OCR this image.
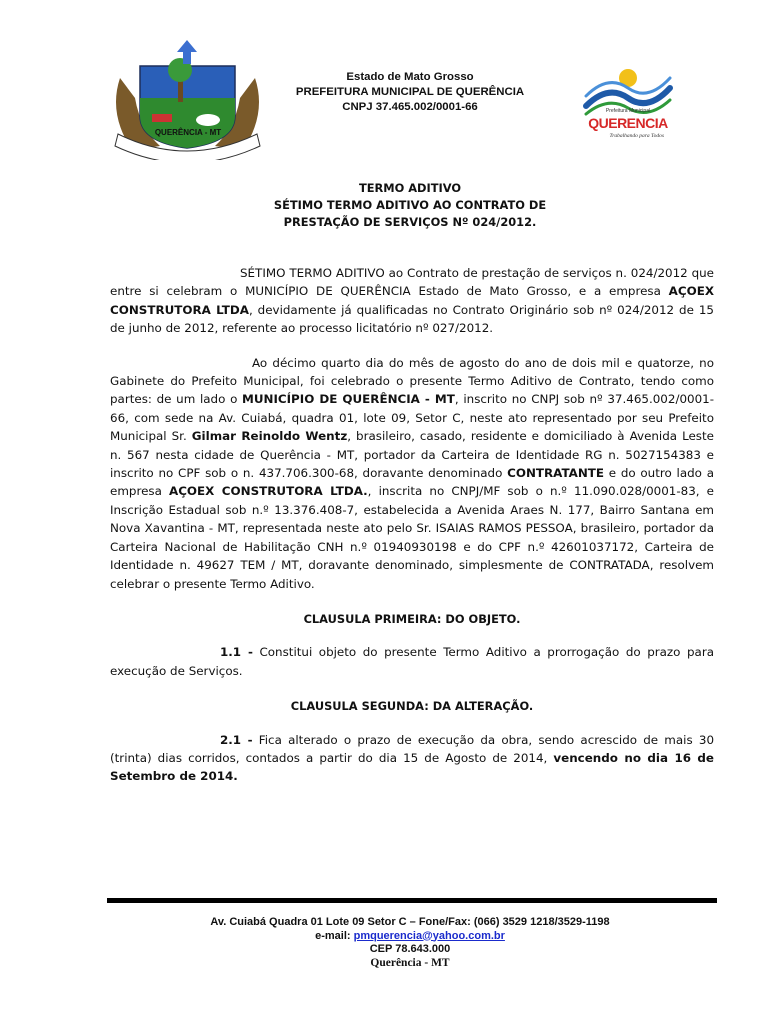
QUERÊNCIA - MT
Estado de Mato Grosso
PREFEITURA MUNICIPAL DE QUERÊNCIA
CNPJ 37.465.002/0001-66	Prefeitura Municipal
QUERENCIA
Trabalhando para Todos
TERMO ADITIVO
SÉTIMO TERMO ADITIVO AO CONTRATO DE
PRESTAÇÃO DE SERVIÇOS Nº 024/2012.

SÉTIMO TERMO ADITIVO ao Contrato de prestação de serviços n. 024/2012 que entre si celebram o MUNICÍPIO DE QUERÊNCIA Estado de Mato Grosso, e a empresa AÇOEX CONSTRUTORA LTDA, devidamente já qualificadas no Contrato Originário sob nº 024/2012 de 15 de junho de 2012, referente ao processo licitatório nº 027/2012.

Ao décimo quarto dia do mês de agosto do ano de dois mil e quatorze, no Gabinete do Prefeito Municipal, foi celebrado o presente Termo Aditivo de Contrato, tendo como partes: de um lado o MUNICÍPIO DE QUERÊNCIA - MT, inscrito no CNPJ sob nº 37.465.002/0001-66, com sede na Av. Cuiabá, quadra 01, lote 09, Setor C, neste ato representado por seu Prefeito Municipal Sr. Gilmar Reinoldo Wentz, brasileiro, casado, residente e domiciliado à Avenida Leste n. 567 nesta cidade de Querência - MT, portador da Carteira de Identidade RG n. 5027154383 e inscrito no CPF sob o n. 437.706.300-68, doravante denominado CONTRATANTE e do outro lado a empresa AÇOEX CONSTRUTORA LTDA., inscrita no CNPJ/MF sob o n.º 11.090.028/0001-83, e Inscrição Estadual sob n.º 13.376.408-7, estabelecida a Avenida Araes N. 177, Bairro Santana em Nova Xavantina - MT, representada neste ato pelo Sr. ISAIAS RAMOS PESSOA, brasileiro, portador da Carteira Nacional de Habilitação CNH n.º 01940930198 e do CPF n.º 42601037172, Carteira de Identidade n. 49627 TEM / MT, doravante denominado, simplesmente de CONTRATADA, resolvem celebrar o presente Termo Aditivo.

CLAUSULA PRIMEIRA: DO OBJETO.

1.1 - Constitui objeto do presente Termo Aditivo a prorrogação do prazo para execução de Serviços.

CLAUSULA SEGUNDA: DA ALTERAÇÃO.

2.1 - Fica alterado o prazo de execução da obra, sendo acrescido de mais 30 (trinta) dias corridos, contados a partir do dia 15 de Agosto de 2014, vencendo no dia 16 de Setembro de 2014.

Av. Cuiabá Quadra 01 Lote 09 Setor C – Fone/Fax: (066) 3529 1218/3529-1198
e-mail: pmquerencia@yahoo.com.br
CEP 78.643.000
Querência - MT
